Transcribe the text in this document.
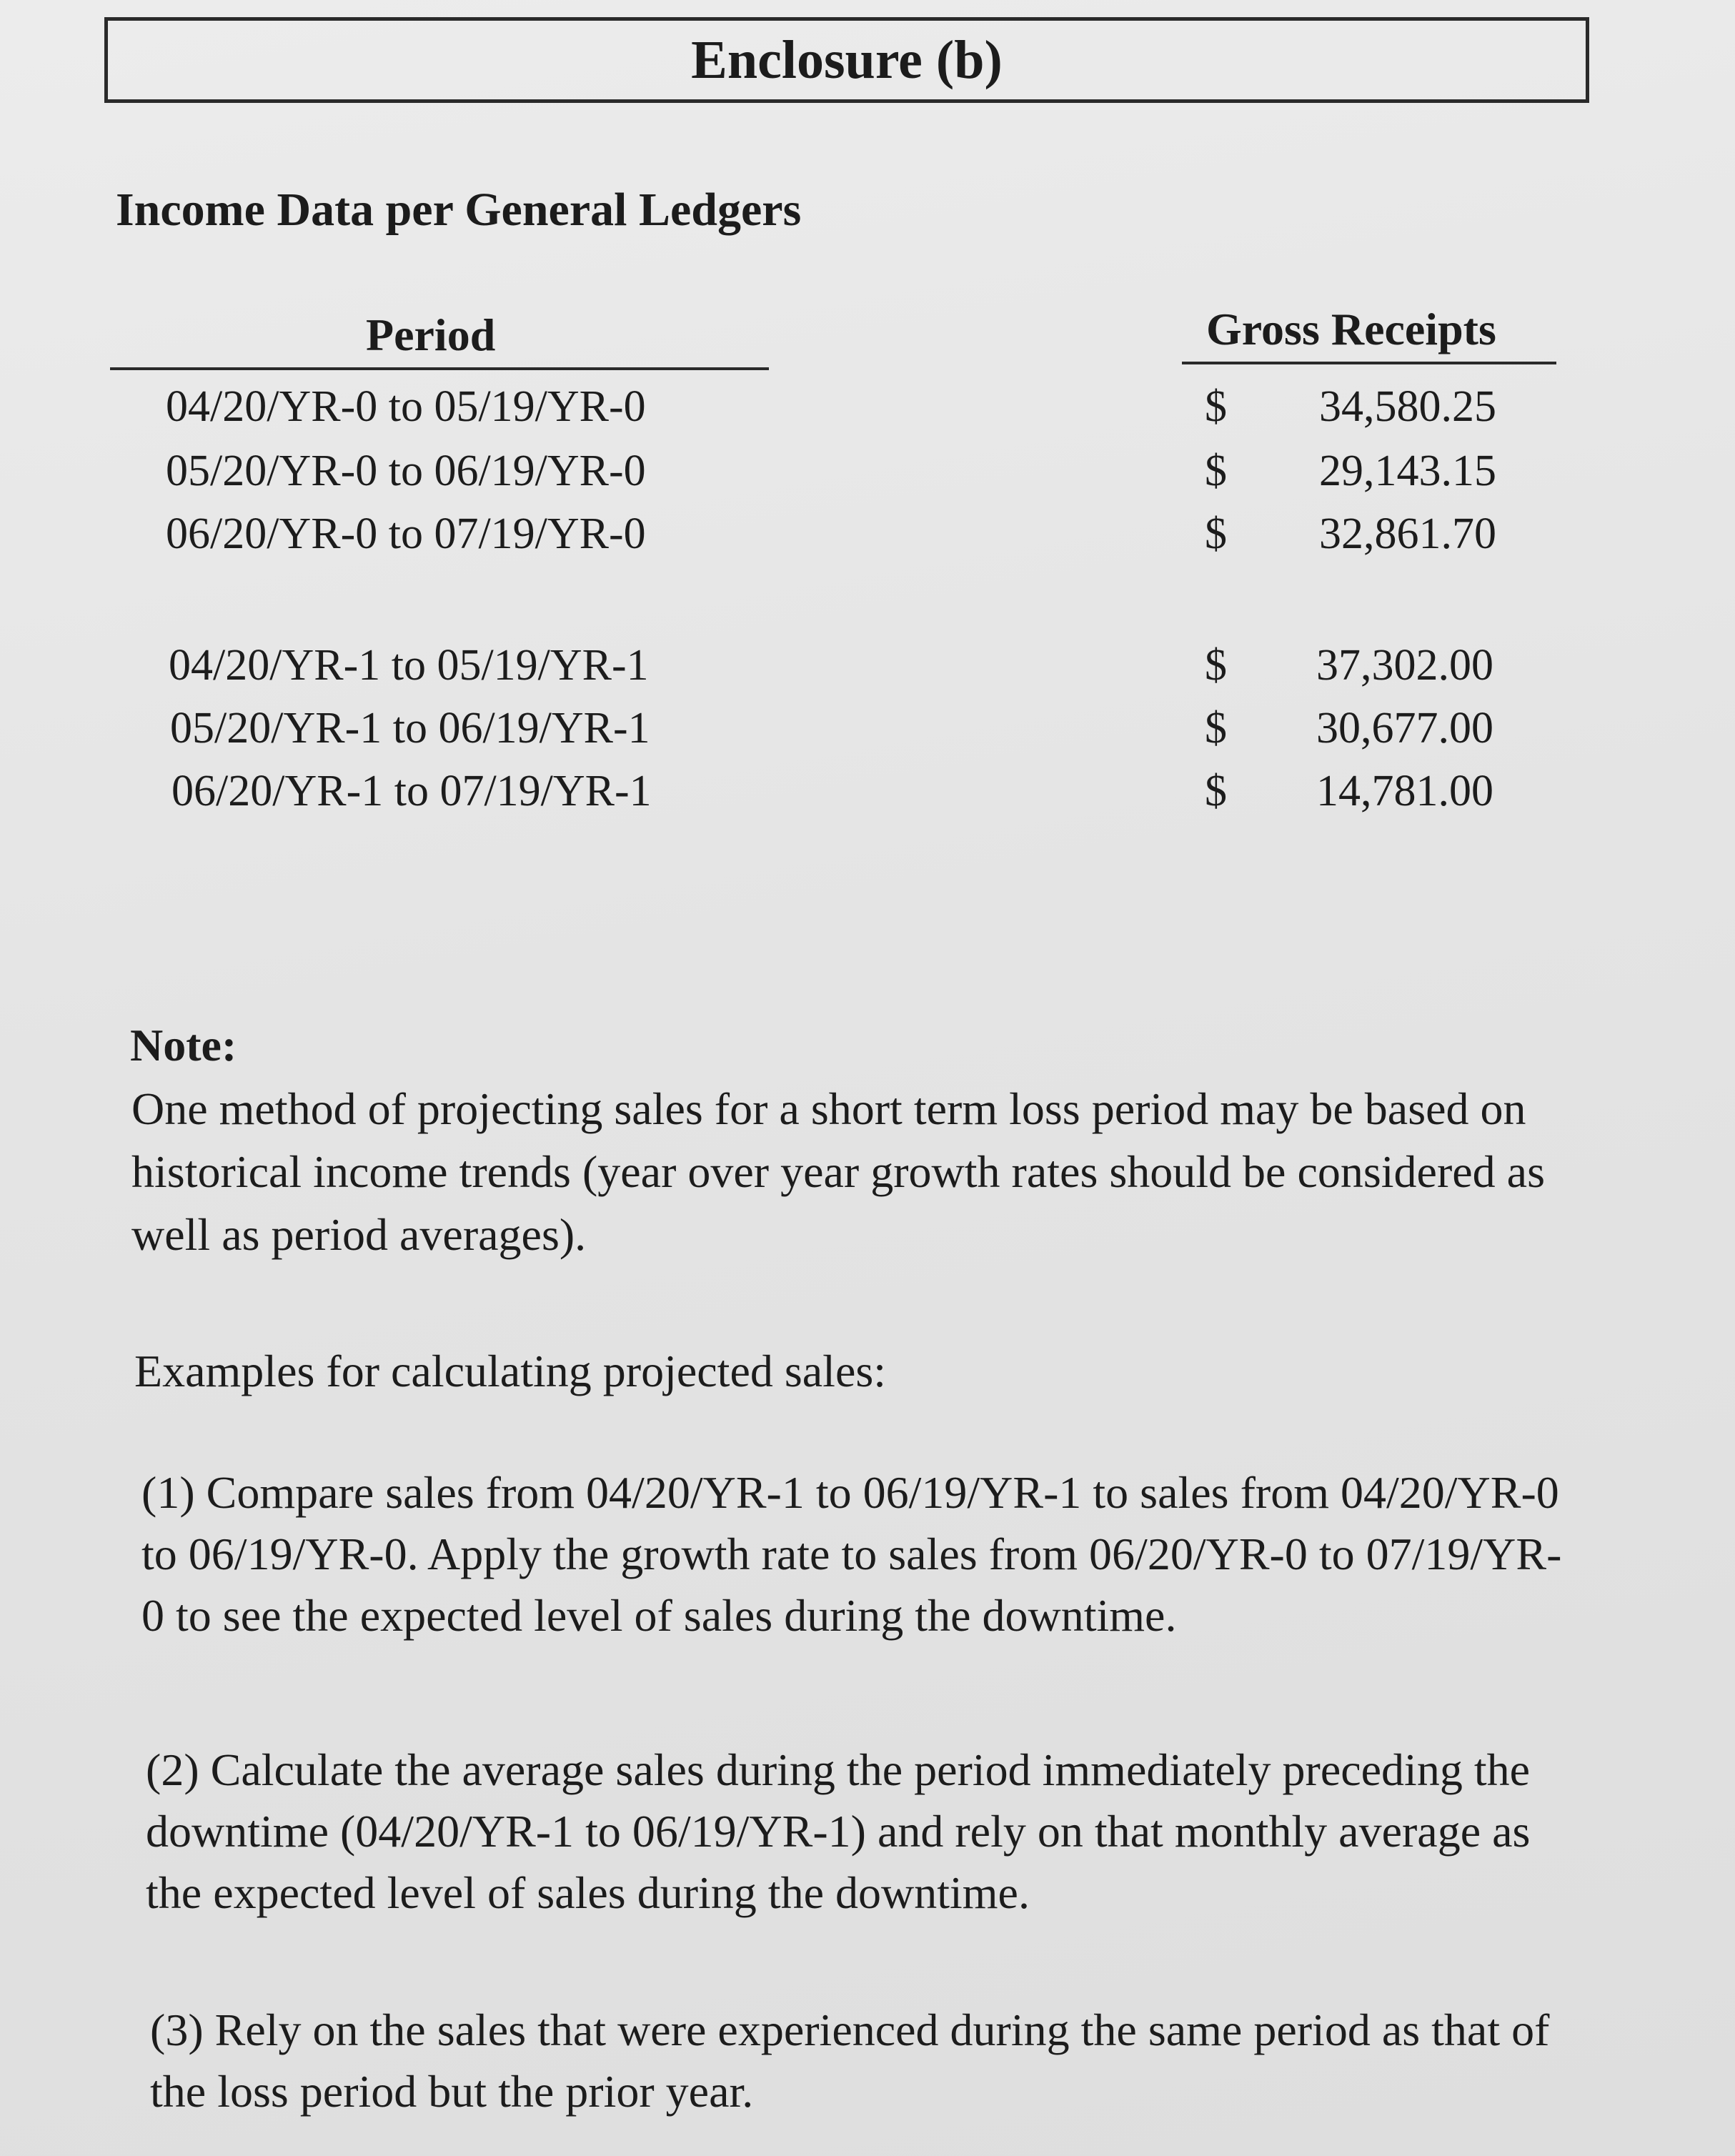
Enclosure (b)
Income Data per General Ledgers
Period	Gross Receipts
04/20/YR-0 to 05/19/YR-0	$ 34,580.25
05/20/YR-0 to 06/19/YR-0	$ 29,143.15
06/20/YR-0 to 07/19/YR-0	$ 32,861.70
04/20/YR-1 to 05/19/YR-1	$ 37,302.00
05/20/YR-1 to 06/19/YR-1	$ 30,677.00
06/20/YR-1 to 07/19/YR-1	$ 14,781.00
Note:
One method of projecting sales for a short term loss period may be based on historical income trends (year over year growth rates should be considered as well as period averages).
Examples for calculating projected sales:
(1) Compare sales from 04/20/YR-1 to 06/19/YR-1 to sales from 04/20/YR-0 to 06/19/YR-0. Apply the growth rate to sales from 06/20/YR-0 to 07/19/YR-0 to see the expected level of sales during the downtime.
(2) Calculate the average sales during the period immediately preceding the downtime (04/20/YR-1 to 06/19/YR-1) and rely on that monthly average as the expected level of sales during the downtime.
(3) Rely on the sales that were experienced during the same period as that of the loss period but the prior year.
